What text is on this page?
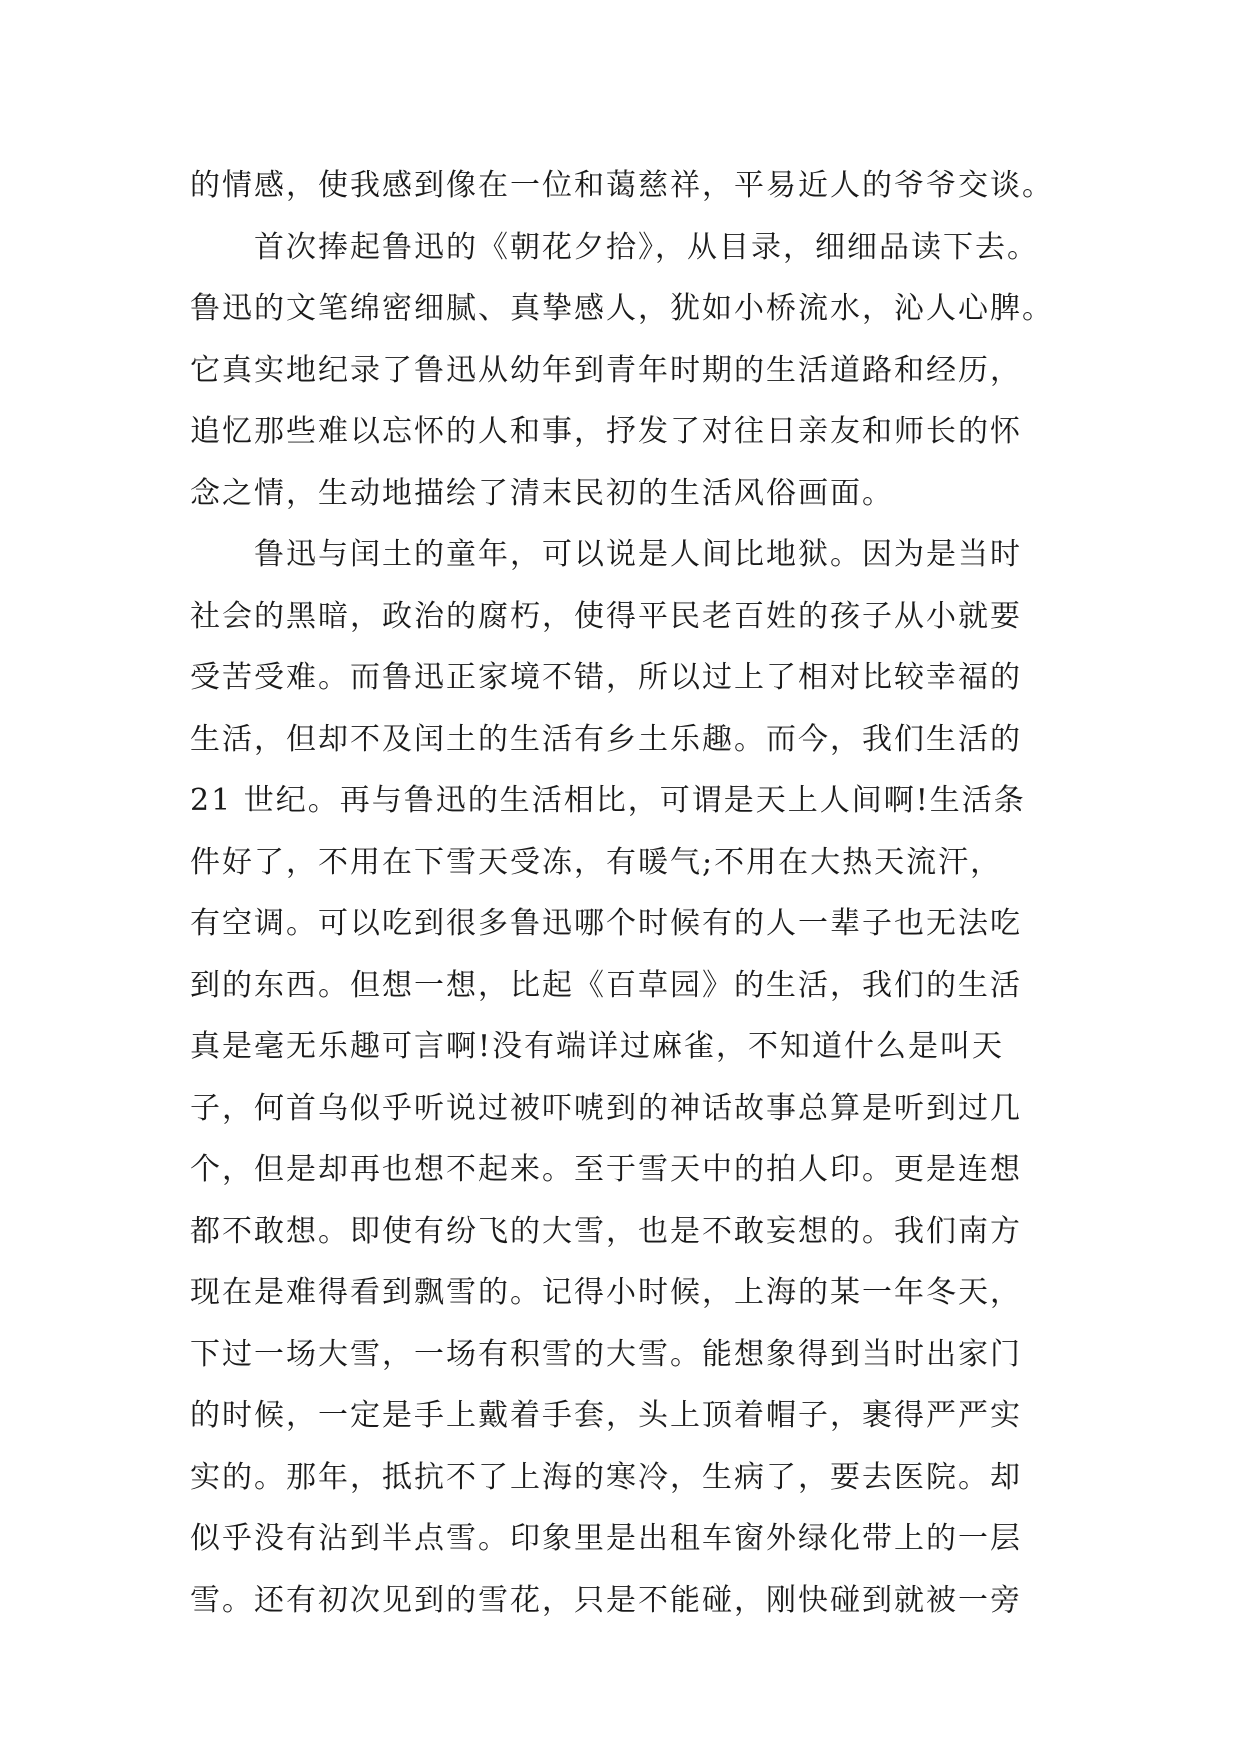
的情感，使我感到像在一位和蔼慈祥，平易近人的爷爷交谈。
首次捧起鲁迅的《朝花夕拾》，从目录，细细品读下去。
鲁迅的文笔绵密细腻、真挚感人，犹如小桥流水，沁人心脾。
它真实地纪录了鲁迅从幼年到青年时期的生活道路和经历，
追忆那些难以忘怀的人和事，抒发了对往日亲友和师长的怀
念之情，生动地描绘了清末民初的生活风俗画面。
鲁迅与闰土的童年，可以说是人间比地狱。因为是当时
社会的黑暗，政治的腐朽，使得平民老百姓的孩子从小就要
受苦受难。而鲁迅正家境不错，所以过上了相对比较幸福的
生活，但却不及闰土的生活有乡土乐趣。而今，我们生活的
21 世纪。再与鲁迅的生活相比，可谓是天上人间啊!生活条
件好了，不用在下雪天受冻，有暖气;不用在大热天流汗，
有空调。可以吃到很多鲁迅哪个时候有的人一辈子也无法吃
到的东西。但想一想，比起《百草园》的生活，我们的生活
真是毫无乐趣可言啊!没有端详过麻雀，不知道什么是叫天
子，何首乌似乎听说过被吓唬到的神话故事总算是听到过几
个，但是却再也想不起来。至于雪天中的拍人印。更是连想
都不敢想。即使有纷飞的大雪，也是不敢妄想的。我们南方
现在是难得看到飘雪的。记得小时候，上海的某一年冬天，
下过一场大雪，一场有积雪的大雪。能想象得到当时出家门
的时候，一定是手上戴着手套，头上顶着帽子，裹得严严实
实的。那年，抵抗不了上海的寒冷，生病了，要去医院。却
似乎没有沾到半点雪。印象里是出租车窗外绿化带上的一层
雪。还有初次见到的雪花，只是不能碰，刚快碰到就被一旁
